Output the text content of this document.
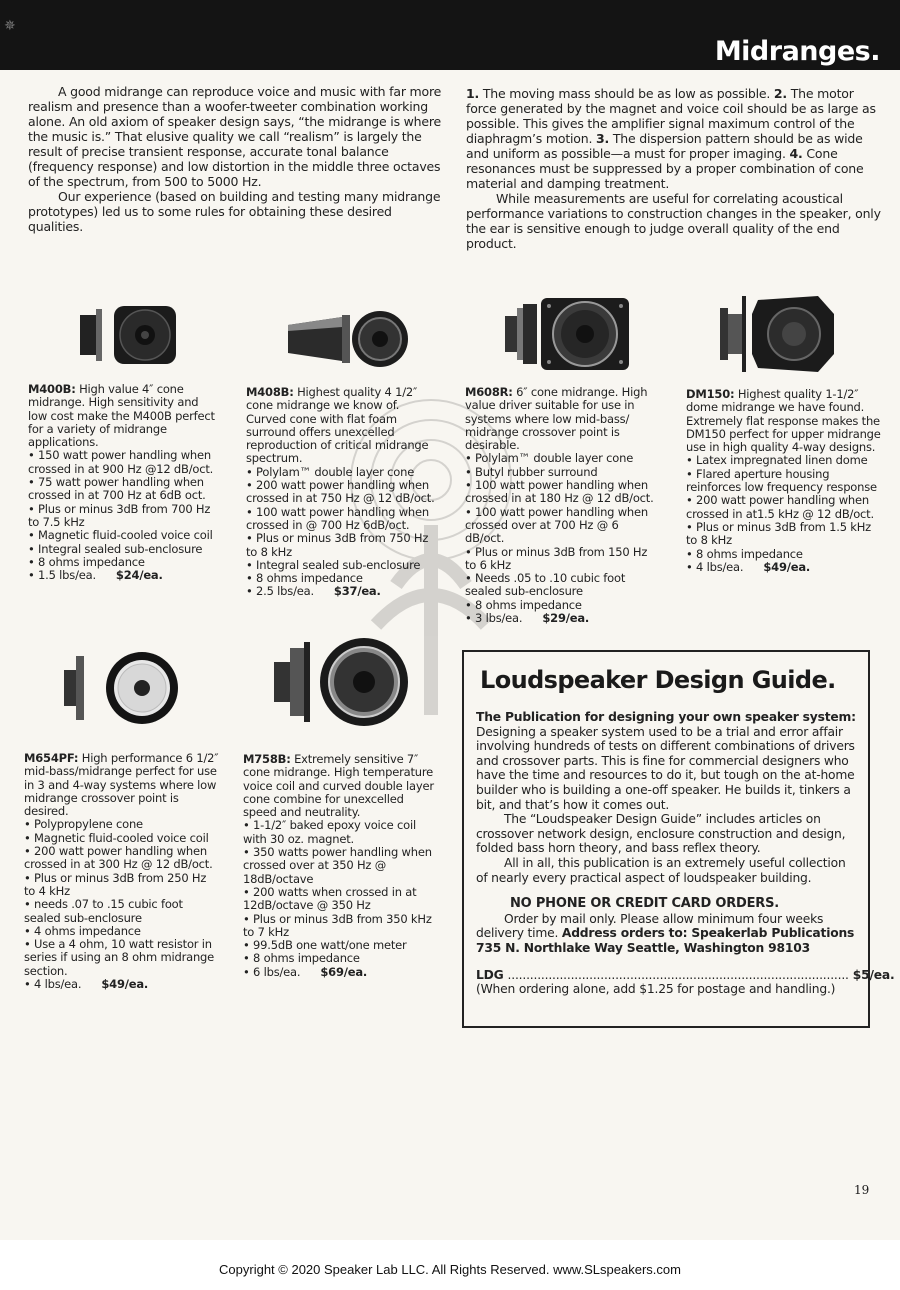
✵
Midranges.

A good midrange can reproduce voice and music with far more realism and presence than a woofer-tweeter combination working alone. An old axiom of speaker design says, “the midrange is where the music is.” That elusive quality we call “realism” is largely the result of precise transient response, accurate tonal balance (frequency response) and low distortion in the middle three octaves of the spectrum, from 500 to 5000 Hz.

Our experience (based on building and testing many midrange prototypes) led us to some rules for obtaining these desired qualities.

1. The moving mass should be as low as possible. 2. The motor force generated by the magnet and voice coil should be as large as possible. This gives the amplifier signal maximum control of the diaphragm’s motion. 3. The dispersion pattern should be as wide and uniform as possible—a must for proper imaging. 4. Cone resonances must be suppressed by a proper combination of cone material and damping treatment.

While measurements are useful for correlating acoustical performance variations to construction changes in the speaker, only the ear is sensitive enough to judge overall quality of the end product.

M400B: High value 4″ cone midrange. High sensitivity and low cost make the M400B perfect for a variety of midrange applications.
• 150 watt power handling when crossed in at 900 Hz @12 dB/oct.
• 75 watt power handling when crossed in at 700 Hz at 6dB oct.
• Plus or minus 3dB from 700 Hz to 7.5 kHz
• Magnetic fluid-cooled voice coil
• Integral sealed sub-enclosure
• 8 ohms impedance
• 1.5 lbs/ea. $24/ea.
M408B: Highest quality 4 1/2″ cone midrange we know of. Curved cone with flat foam surround offers unexcelled reproduction of critical midrange spectrum.
• Polylam™ double layer cone
• 200 watt power handling when crossed in at 750 Hz @ 12 dB/oct.
• 100 watt power handling when crossed in @ 700 Hz 6dB/oct.
• Plus or minus 3dB from 750 Hz to 8 kHz
• Integral sealed sub-enclosure
• 8 ohms impedance
• 2.5 lbs/ea. $37/ea.
M608R: 6″ cone midrange. High value driver suitable for use in systems where low mid-bass/ midrange crossover point is desirable.
• Polylam™ double layer cone
• Butyl rubber surround
• 100 watt power handling when crossed in at 180 Hz @ 12 dB/oct.
• 100 watt power handling when crossed over at 700 Hz @ 6 dB/oct.
• Plus or minus 3dB from 150 Hz to 6 kHz
• Needs .05 to .10 cubic foot sealed sub-enclosure
• 8 ohms impedance
• 3 lbs/ea. $29/ea.
DM150: Highest quality 1-1/2″ dome midrange we have found. Extremely flat response makes the DM150 perfect for upper midrange use in high quality 4-way designs.
• Latex impregnated linen dome
• Flared aperture housing reinforces low frequency response
• 200 watt power handling when crossed in at1.5 kHz @ 12 dB/oct.
• Plus or minus 3dB from 1.5 kHz to 8 kHz
• 8 ohms impedance
• 4 lbs/ea. $49/ea.
M654PF: High performance 6 1/2″ mid-bass/midrange perfect for use in 3 and 4-way systems where low midrange crossover point is desired.
• Polypropylene cone
• Magnetic fluid-cooled voice coil
• 200 watt power handling when crossed in at 300 Hz @ 12 dB/oct.
• Plus or minus 3dB from 250 Hz to 4 kHz
• needs .07 to .15 cubic foot sealed sub-enclosure
• 4 ohms impedance
• Use a 4 ohm, 10 watt resistor in series if using an 8 ohm midrange section.
• 4 lbs/ea. $49/ea.
M758B: Extremely sensitive 7″ cone midrange. High temperature voice coil and curved double layer cone combine for unexcelled speed and neutrality.
• 1-1/2″ baked epoxy voice coil with 30 oz. magnet.
• 350 watts power handling when crossed over at 350 Hz @ 18dB/octave
• 200 watts when crossed in at 12dB/octave @ 350 Hz
• Plus or minus 3dB from 350 kHz to 7 kHz
• 99.5dB one watt/one meter
• 8 ohms impedance
• 6 lbs/ea. $69/ea.
Loudspeaker Design Guide.

The Publication for designing your own speaker system: Designing a speaker system used to be a trial and error affair involving hundreds of tests on different combinations of drivers and crossover parts. This is fine for commercial designers who have the time and resources to do it, but tough on the at-home builder who is building a one-off speaker. He builds it, tinkers a bit, and that’s how it comes out.

The “Loudspeaker Design Guide” includes articles on crossover network design, enclosure construction and design, folded bass horn theory, and bass reflex theory.

All in all, this publication is an extremely useful collection of nearly every practical aspect of loudspeaker building.

NO PHONE OR CREDIT CARD ORDERS.

Order by mail only. Please allow minimum four weeks delivery time. Address orders to: Speakerlab Publications 735 N. Northlake Way Seattle, Washington 98103

LDG ............................................................................................ $5/ea.

(When ordering alone, add $1.25 for postage and handling.)

19
Copyright © 2020 Speaker Lab LLC. All Rights Reserved. www.SLspeakers.com
